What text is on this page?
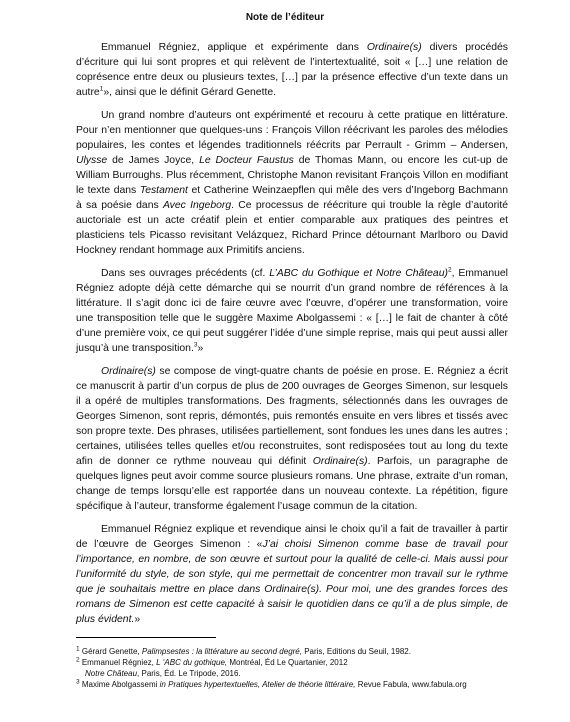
Note de l’éditeur

Emmanuel Régniez, applique et expérimente dans Ordinaire(s) divers procédés d’écriture qui lui sont propres et qui relèvent de l’intertextualité, soit « […] une relation de coprésence entre deux ou plusieurs textes, […] par la présence effective d’un texte dans un autre$^1$», ainsi que le définit Gérard Genette.

Un grand nombre d’auteurs ont expérimenté et recouru à cette pratique en littérature. Pour n’en mentionner que quelques-uns : François Villon réécrivant les paroles des mélodies populaires, les contes et légendes traditionnels réécrits par Perrault - Grimm – Andersen, Ulysse de James Joyce, Le Docteur Faustus de Thomas Mann, ou encore les cut-up de William Burroughs. Plus récemment, Christophe Manon revisitant François Villon en modifiant le texte dans Testament et Catherine Weinzaepflen qui mêle des vers d’Ingeborg Bachmann à sa poésie dans Avec Ingeborg. Ce processus de réécriture qui trouble la règle d’autorité auctoriale est un acte créatif plein et entier comparable aux pratiques des peintres et plasticiens tels Picasso revisitant Velázquez, Richard Prince détournant Marlboro ou David Hockney rendant hommage aux Primitifs anciens.

Dans ses ouvrages précédents (cf. L’ABC du Gothique et Notre Château)$^2$, Emmanuel Régniez adopte déjà cette démarche qui se nourrit d’un grand nombre de références à la littérature. Il s’agit donc ici de faire œuvre avec l’œuvre, d’opérer une transformation, voire une transposition telle que le suggère Maxime Abolgassemi : « […] le fait de chanter à côté d’une première voix, ce qui peut suggérer l’idée d’une simple reprise, mais qui peut aussi aller jusqu’à une transposition.$^3$»

Ordinaire(s) se compose de vingt-quatre chants de poésie en prose. E. Régniez a écrit ce manuscrit à partir d’un corpus de plus de 200 ouvrages de Georges Simenon, sur lesquels il a opéré de multiples transformations. Des fragments, sélectionnés dans les ouvrages de Georges Simenon, sont repris, démontés, puis remontés ensuite en vers libres et tissés avec son propre texte. Des phrases, utilisées partiellement, sont fondues les unes dans les autres ; certaines, utilisées telles quelles et/ou reconstruites, sont redisposées tout au long du texte afin de donner ce rythme nouveau qui définit Ordinaire(s). Parfois, un paragraphe de quelques lignes peut avoir comme source plusieurs romans. Une phrase, extraite d’un roman, change de temps lorsqu’elle est rapportée dans un nouveau contexte. La répétition, figure spécifique à l’auteur, transforme également l’usage commun de la citation.

Emmanuel Régniez explique et revendique ainsi le choix qu’il a fait de travailler à partir de l’œuvre de Georges Simenon : «J’ai choisi Simenon comme base de travail pour l’importance, en nombre, de son œuvre et surtout pour la qualité de celle-ci. Mais aussi pour l’uniformité du style, de son style, qui me permettait de concentrer mon travail sur le rythme que je souhaitais mettre en place dans Ordinaire(s). Pour moi, une des grandes forces des romans de Simenon est cette capacité à saisir le quotidien dans ce qu’il a de plus simple, de plus évident.»

$^1$ Gérard Genette, Palimpsestes : la littérature au second degré, Paris, Editions du Seuil, 1982.

$^2$ Emmanuel Régniez, L ‘ABC du gothique, Montréal, Éd Le Quartanier, 2012

Notre Château, Paris, Éd. Le Tripode, 2016.

$^3$ Maxime Abolgassemi in Pratiques hypertextuelles, Atelier de théorie littéraire, Revue Fabula, www.fabula.org
